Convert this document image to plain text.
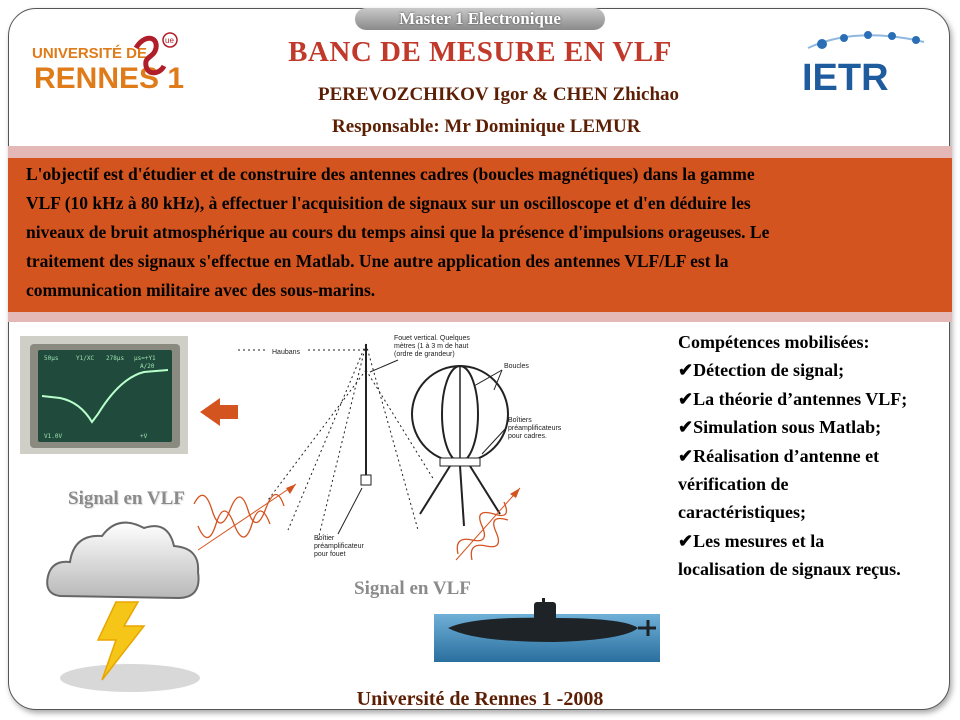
Master 1 Electronique
BANC DE MESURE EN VLF
PEREVOZCHIKOV Igor & CHEN Zhichao
Responsable: Mr Dominique LEMUR
UNIVERSITÉ DE
RENNES 1
ue
IETR
L'objectif est d'étudier et de construire des antennes cadres (boucles magnétiques) dans la gamme
VLF (10 kHz à 80 kHz), à effectuer l'acquisition de signaux sur un oscilloscope et d'en déduire les
niveaux de bruit atmosphérique au cours du temps ainsi que la présence d'impulsions orageuses. Le
traitement des signaux s'effectue en Matlab. Une autre application des antennes VLF/LF est la
communication militaire avec des sous-marins.
50µs	Y1/XC 278µs µs=+Y1
A/20
V1.0V	+V
Haubans
Fouet vertical. Quelques
mètres (1 à 3 m de haut
(ordre de grandeur)
Boucles
Boîtiers
préamplificateurs
pour cadres.
Boîtier
préamplificateur
pour fouet
Signal en VLF
Signal en VLF
Compétences mobilisées:
✔Détection de signal;
✔La théorie d’antennes VLF;
✔Simulation sous Matlab;
✔Réalisation d’antenne et
vérification de
caractéristiques;
✔Les mesures et la
localisation de signaux reçus.
Université de Rennes 1 -2008
